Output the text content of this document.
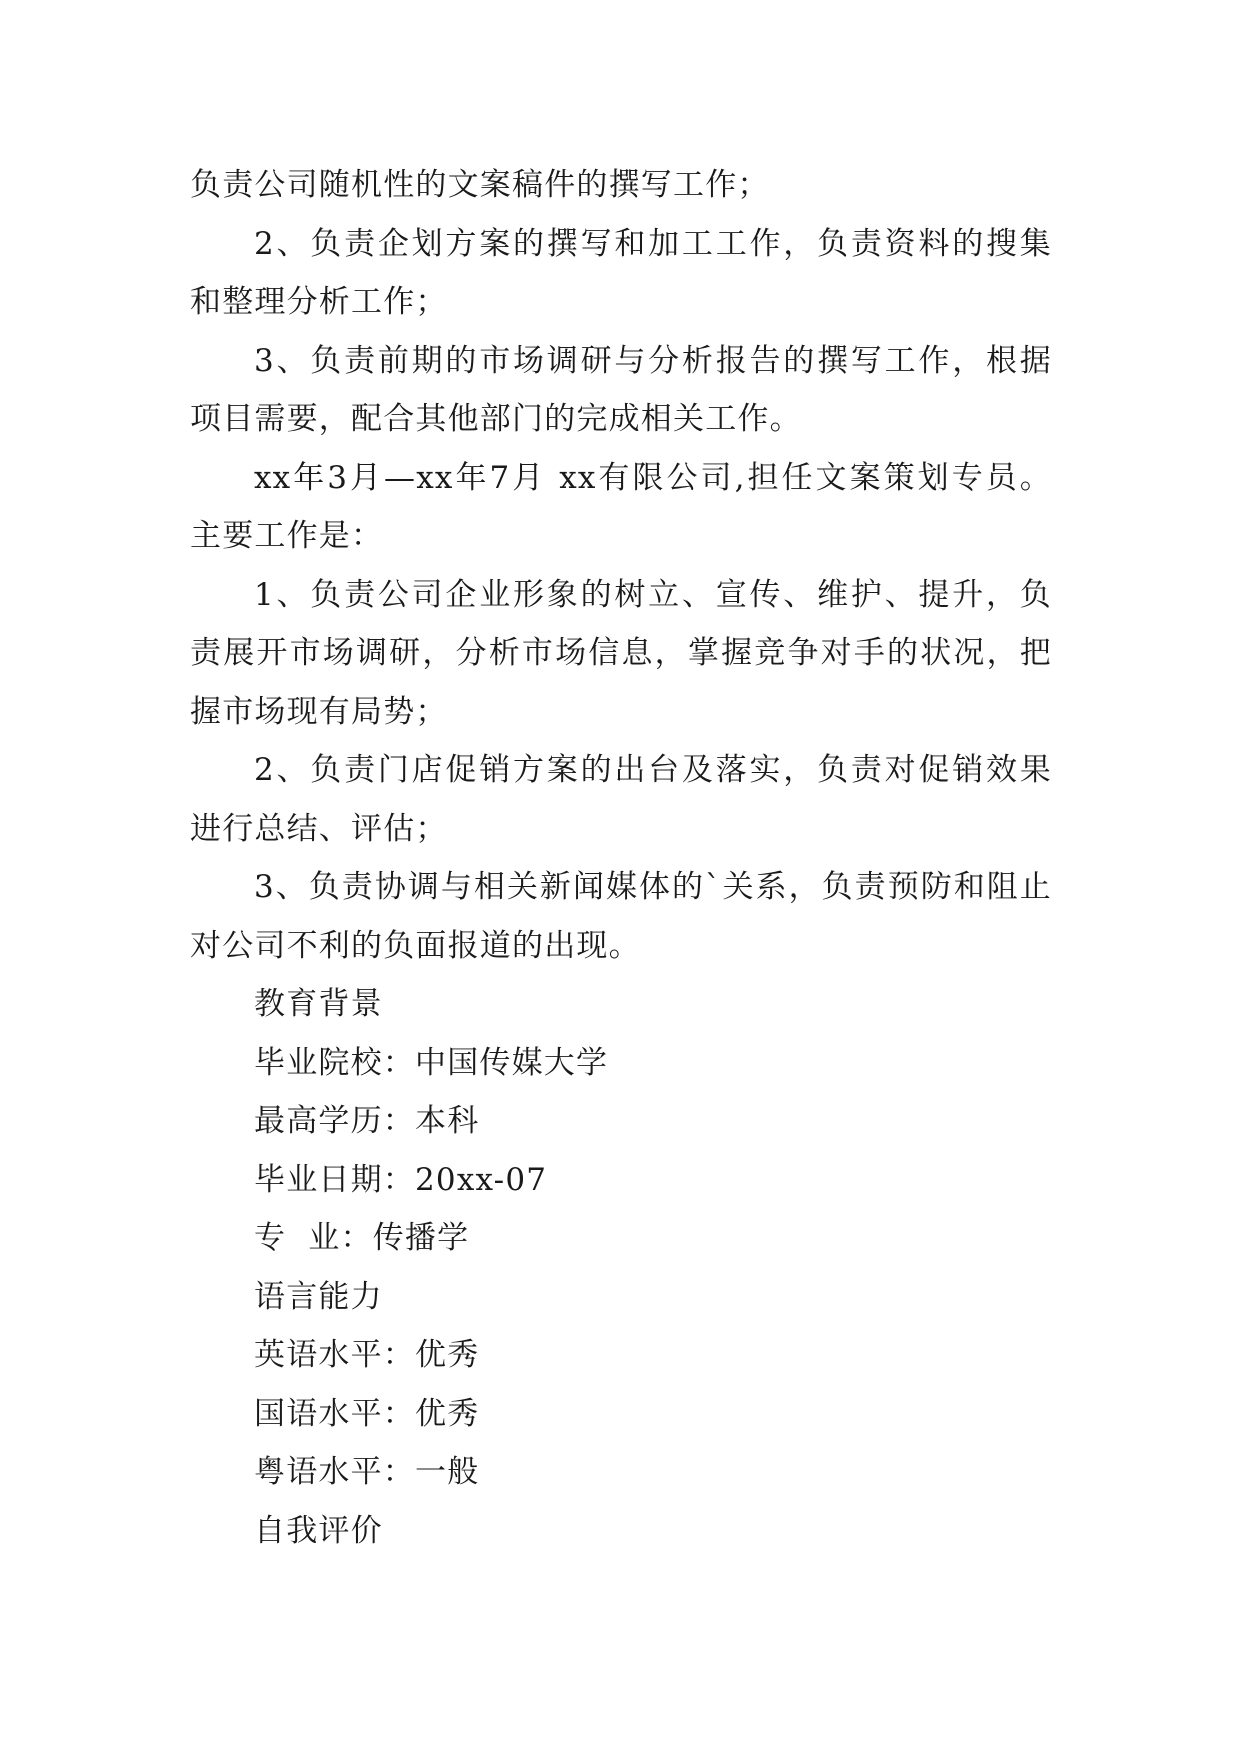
负责公司随机性的文案稿件的撰写工作；
2、负责企划方案的撰写和加工工作，负责资料的搜集
和整理分析工作；
3、负责前期的市场调研与分析报告的撰写工作，根据
项目需要，配合其他部门的完成相关工作。
xx年3月—xx年7月 xx有限公司,担任文案策划专员。
主要工作是：
1、负责公司企业形象的树立、宣传、维护、提升，负
责展开市场调研，分析市场信息，掌握竞争对手的状况，把
握市场现有局势；
2、负责门店促销方案的出台及落实，负责对促销效果
进行总结、评估；
3、负责协调与相关新闻媒体的`关系，负责预防和阻止
对公司不利的负面报道的出现。
教育背景
毕业院校：中国传媒大学
最高学历：本科
毕业日期：20xx-07
专  业：传播学
语言能力
英语水平：优秀
国语水平：优秀
粤语水平：一般
自我评价
